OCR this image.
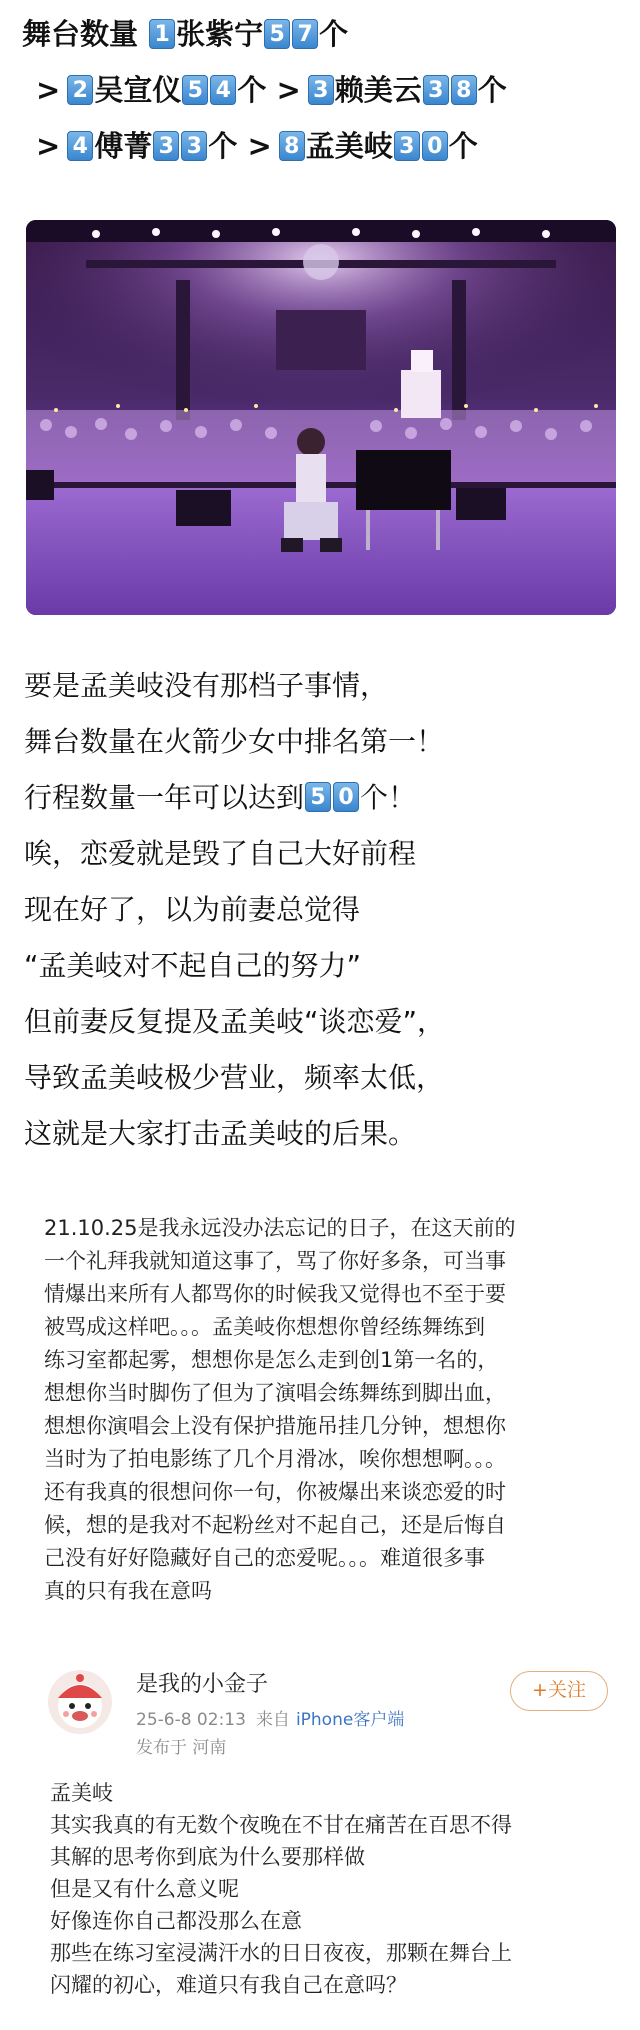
舞台数量 1 张紫宁 5 7 个
> 2 吴宣仪 5 4 个 > 3 赖美云 3 8 个
> 4 傅菁 3 3 个 > 8 孟美岐 3 0 个
要是孟美岐没有那档子事情，
舞台数量在火箭少女中排名第一！
行程数量一年可以达到 5 0 个！
唉，恋爱就是毁了自己大好前程
现在好了，以为前妻总觉得
“孟美岐对不起自己的努力”
但前妻反复提及孟美岐“谈恋爱”，
导致孟美岐极少营业，频率太低，
这就是大家打击孟美岐的后果。
21.10.25是我永远没办法忘记的日子，在这天前的
一个礼拜我就知道这事了，骂了你好多条，可当事
情爆出来所有人都骂你的时候我又觉得也不至于要
被骂成这样吧。。。孟美岐你想想你曾经练舞练到
练习室都起雾，想想你是怎么走到创1第一名的，
想想你当时脚伤了但为了演唱会练舞练到脚出血，
想想你演唱会上没有保护措施吊挂几分钟，想想你
当时为了拍电影练了几个月滑冰，唉你想想啊。。。
还有我真的很想问你一句，你被爆出来谈恋爱的时
候，想的是我对不起粉丝对不起自己，还是后悔自
己没有好好隐藏好自己的恋爱呢。。。难道很多事
真的只有我在意吗
是我的小金子
25-6-8 02:13 来自 iPhone客户端
发布于 河南
+关注
孟美岐
其实我真的有无数个夜晚在不甘在痛苦在百思不得
其解的思考你到底为什么要那样做
但是又有什么意义呢
好像连你自己都没那么在意
那些在练习室浸满汗水的日日夜夜，那颗在舞台上
闪耀的初心，难道只有我自己在意吗？
